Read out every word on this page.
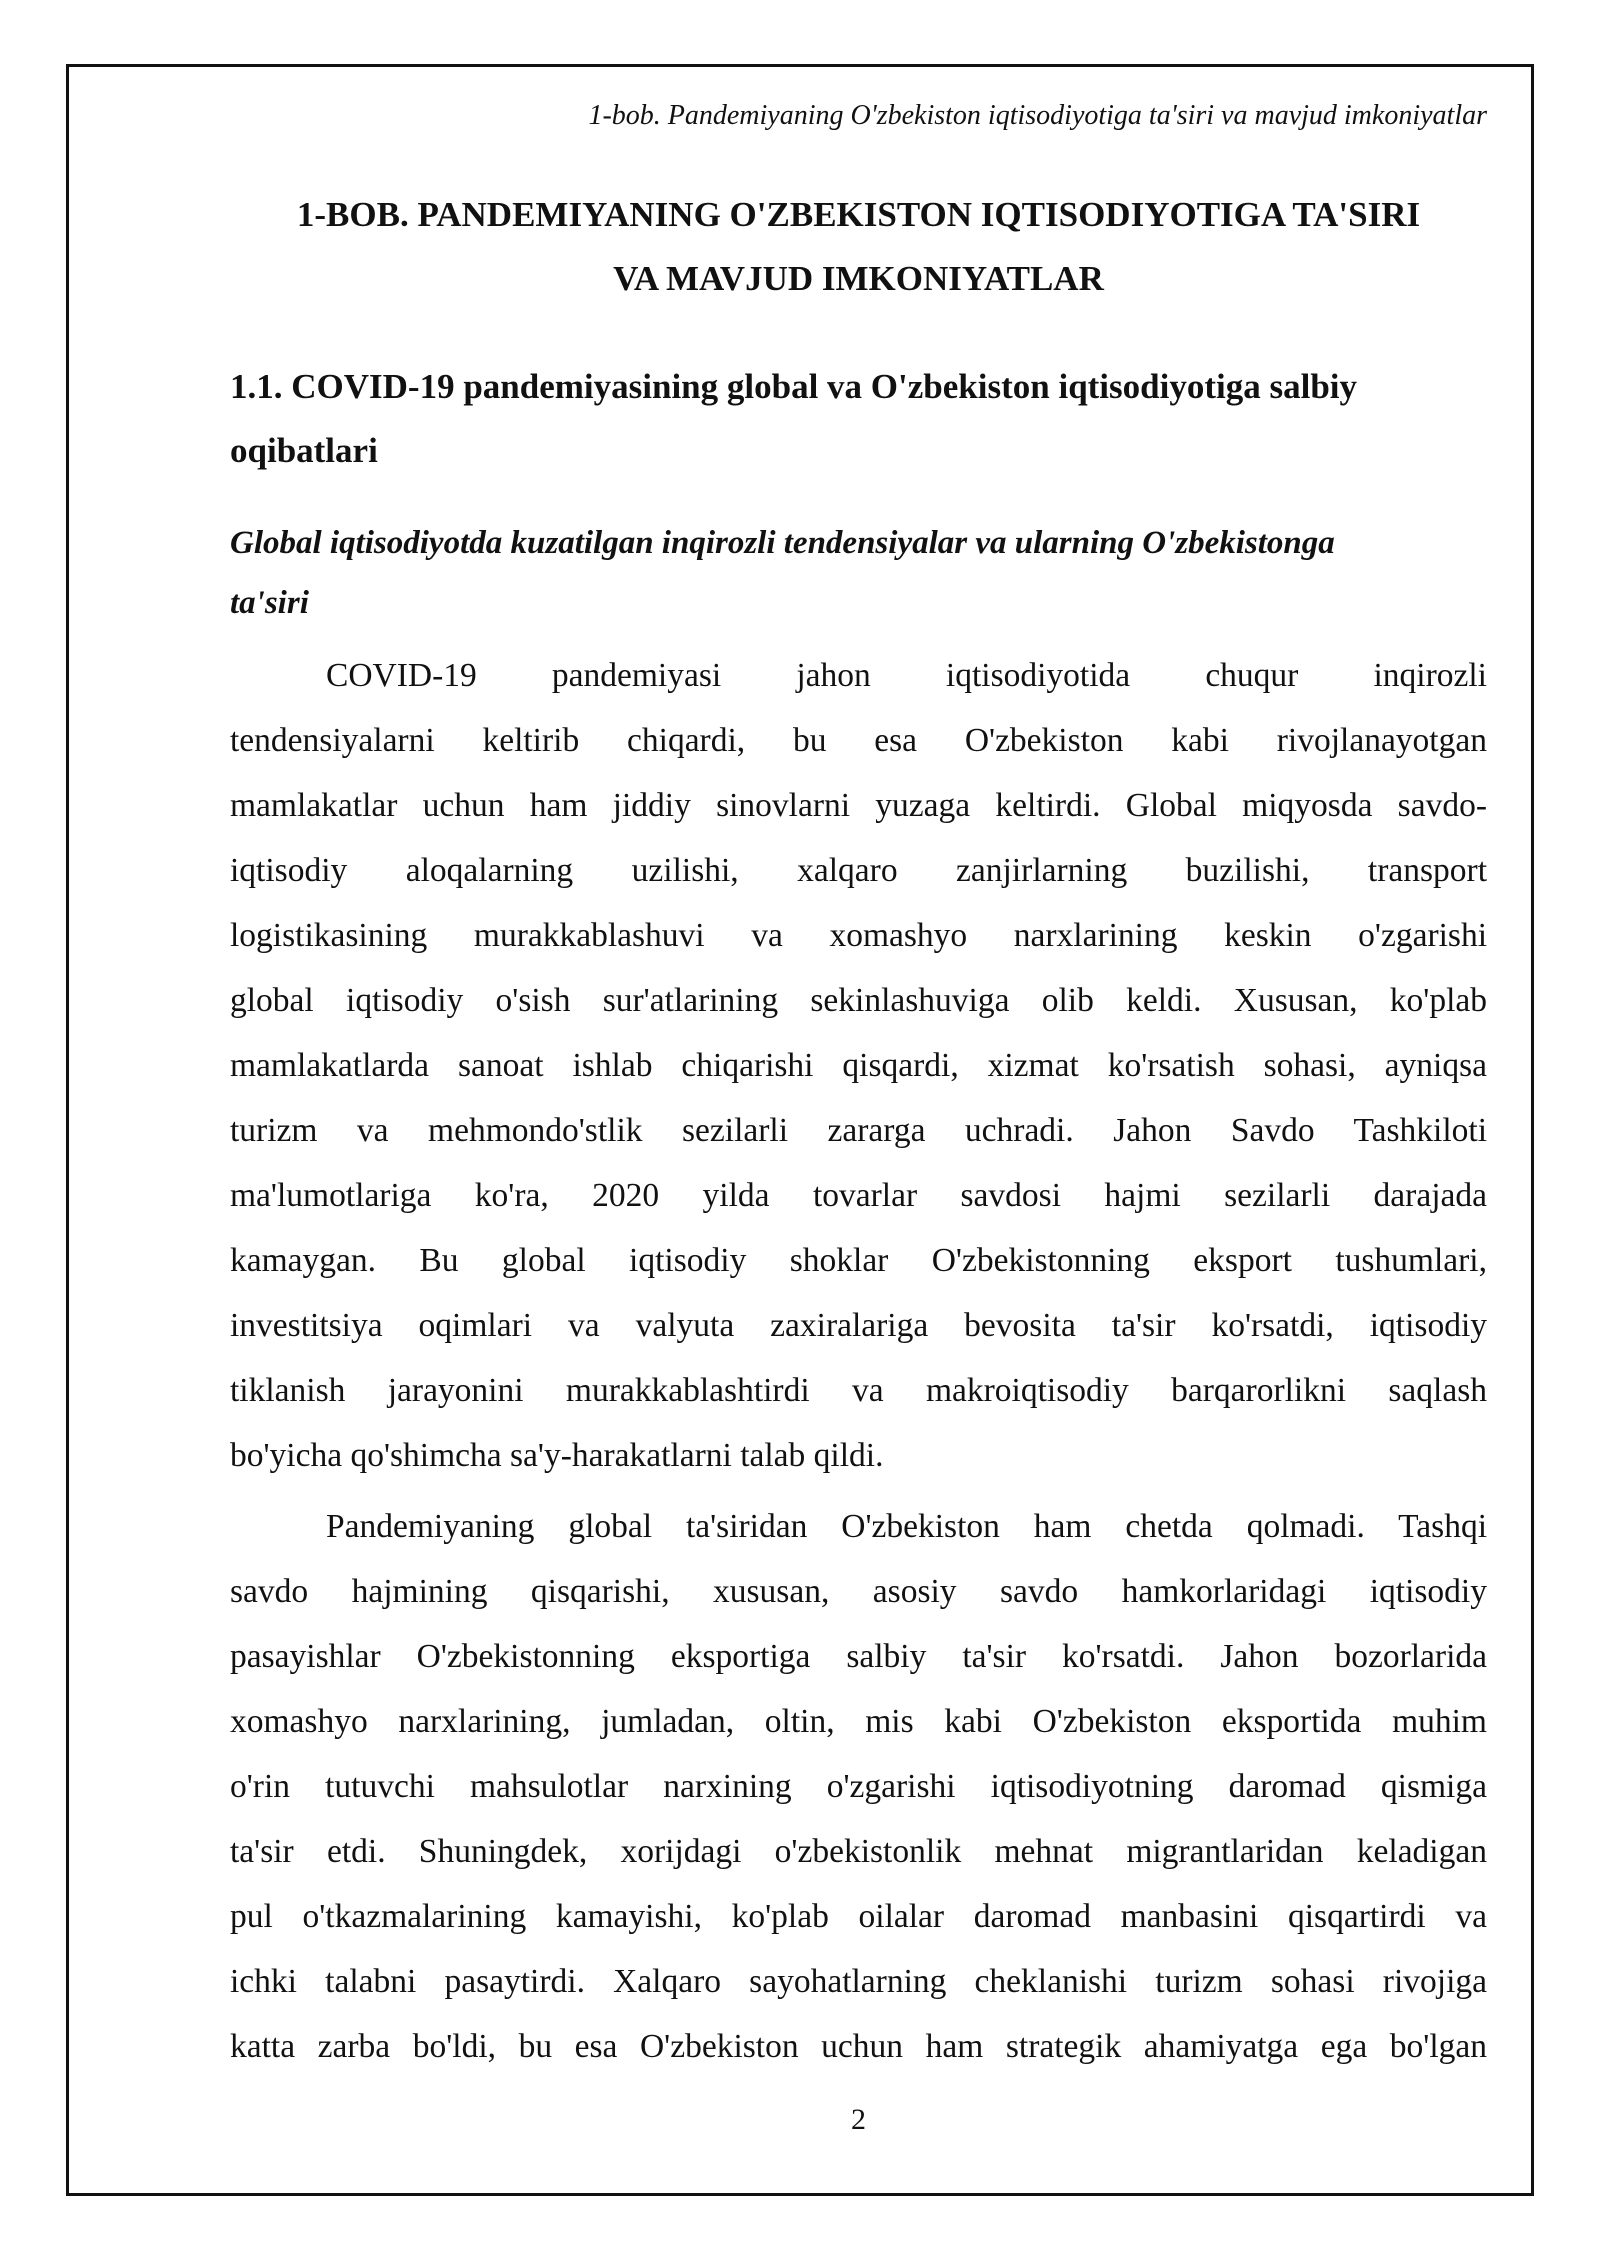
1-bob. Pandemiyaning O'zbekiston iqtisodiyotiga ta'siri va mavjud imkoniyatlar
1-BOB. PANDEMIYANING O'ZBEKISTON IQTISODIYOTIGA TA'SIRI
VA MAVJUD IMKONIYATLAR
1.1. COVID-19 pandemiyasining global va O'zbekiston iqtisodiyotiga salbiy
oqibatlari
Global iqtisodiyotda kuzatilgan inqirozli tendensiyalar va ularning O'zbekistonga
ta'siri
COVID-19 pandemiyasi jahon iqtisodiyotida chuqur inqirozli
tendensiyalarni keltirib chiqardi, bu esa O'zbekiston kabi rivojlanayotgan
mamlakatlar uchun ham jiddiy sinovlarni yuzaga keltirdi. Global miqyosda savdo-
iqtisodiy aloqalarning uzilishi, xalqaro zanjirlarning buzilishi, transport
logistikasining murakkablashuvi va xomashyo narxlarining keskin o'zgarishi
global iqtisodiy o'sish sur'atlarining sekinlashuviga olib keldi. Xususan, ko'plab
mamlakatlarda sanoat ishlab chiqarishi qisqardi, xizmat ko'rsatish sohasi, ayniqsa
turizm va mehmondo'stlik sezilarli zararga uchradi. Jahon Savdo Tashkiloti
ma'lumotlariga ko'ra, 2020 yilda tovarlar savdosi hajmi sezilarli darajada
kamaygan. Bu global iqtisodiy shoklar O'zbekistonning eksport tushumlari,
investitsiya oqimlari va valyuta zaxiralariga bevosita ta'sir ko'rsatdi, iqtisodiy
tiklanish jarayonini murakkablashtirdi va makroiqtisodiy barqarorlikni saqlash
bo'yicha qo'shimcha sa'y-harakatlarni talab qildi.
Pandemiyaning global ta'siridan O'zbekiston ham chetda qolmadi. Tashqi
savdo hajmining qisqarishi, xususan, asosiy savdo hamkorlaridagi iqtisodiy
pasayishlar O'zbekistonning eksportiga salbiy ta'sir ko'rsatdi. Jahon bozorlarida
xomashyo narxlarining, jumladan, oltin, mis kabi O'zbekiston eksportida muhim
o'rin tutuvchi mahsulotlar narxining o'zgarishi iqtisodiyotning daromad qismiga
ta'sir etdi. Shuningdek, xorijdagi o'zbekistonlik mehnat migrantlaridan keladigan
pul o'tkazmalarining kamayishi, ko'plab oilalar daromad manbasini qisqartirdi va
ichki talabni pasaytirdi. Xalqaro sayohatlarning cheklanishi turizm sohasi rivojiga
katta zarba bo'ldi, bu esa O'zbekiston uchun ham strategik ahamiyatga ega bo'lgan
2
